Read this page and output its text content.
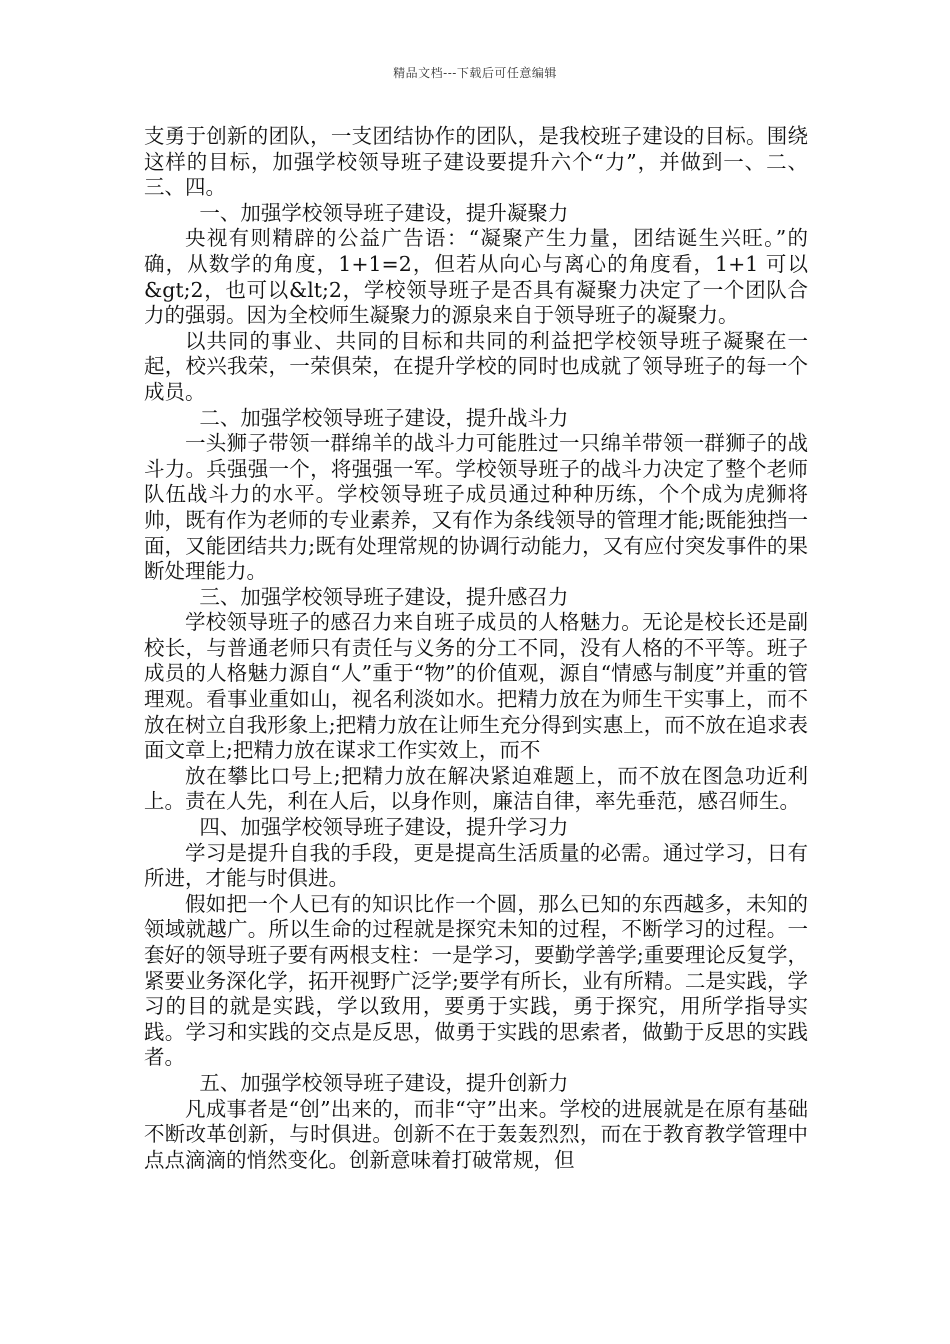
精品文档---下载后可任意编辑

支勇于创新的团队，一支团结协作的团队，是我校班子建设的目标。围绕这样的目标，加强学校领导班子建设要提升六个“力”，并做到一、二、三、四。

一、加强学校领导班子建设，提升凝聚力

央视有则精辟的公益广告语：“凝聚产生力量，团结诞生兴旺。”的确，从数学的角度，1+1=2，但若从向心与离心的角度看，1+1 可以&gt;2，也可以&lt;2，学校领导班子是否具有凝聚力决定了一个团队合力的强弱。因为全校师生凝聚力的源泉来自于领导班子的凝聚力。

以共同的事业、共同的目标和共同的利益把学校领导班子凝聚在一起，校兴我荣，一荣俱荣，在提升学校的同时也成就了领导班子的每一个成员。

二、加强学校领导班子建设，提升战斗力

一头狮子带领一群绵羊的战斗力可能胜过一只绵羊带领一群狮子的战斗力。兵强强一个，将强强一军。学校领导班子的战斗力决定了整个老师队伍战斗力的水平。学校领导班子成员通过种种历练，个个成为虎狮将帅，既有作为老师的专业素养，又有作为条线领导的管理才能;既能独挡一面，又能团结共力;既有处理常规的协调行动能力，又有应付突发事件的果断处理能力。

三、加强学校领导班子建设，提升感召力

学校领导班子的感召力来自班子成员的人格魅力。无论是校长还是副校长，与普通老师只有责任与义务的分工不同，没有人格的不平等。班子成员的人格魅力源自“人”重于“物”的价值观，源自“情感与制度”并重的管理观。看事业重如山，视名利淡如水。把精力放在为师生干实事上，而不放在树立自我形象上;把精力放在让师生充分得到实惠上，而不放在追求表面文章上;把精力放在谋求工作实效上，而不

放在攀比口号上;把精力放在解决紧迫难题上，而不放在图急功近利上。责在人先，利在人后，以身作则，廉洁自律，率先垂范，感召师生。

四、加强学校领导班子建设，提升学习力

学习是提升自我的手段，更是提高生活质量的必需。通过学习，日有所进，才能与时俱进。

假如把一个人已有的知识比作一个圆，那么已知的东西越多，未知的领域就越广。所以生命的过程就是探究未知的过程，不断学习的过程。一套好的领导班子要有两根支柱：一是学习，要勤学善学;重要理论反复学，紧要业务深化学，拓开视野广泛学;要学有所长，业有所精。二是实践，学习的目的就是实践，学以致用，要勇于实践，勇于探究，用所学指导实践。学习和实践的交点是反思，做勇于实践的思索者，做勤于反思的实践者。

五、加强学校领导班子建设，提升创新力

凡成事者是“创”出来的，而非“守”出来。学校的进展就是在原有基础不断改革创新，与时俱进。创新不在于轰轰烈烈，而在于教育教学管理中点点滴滴的悄然变化。创新意味着打破常规，但
